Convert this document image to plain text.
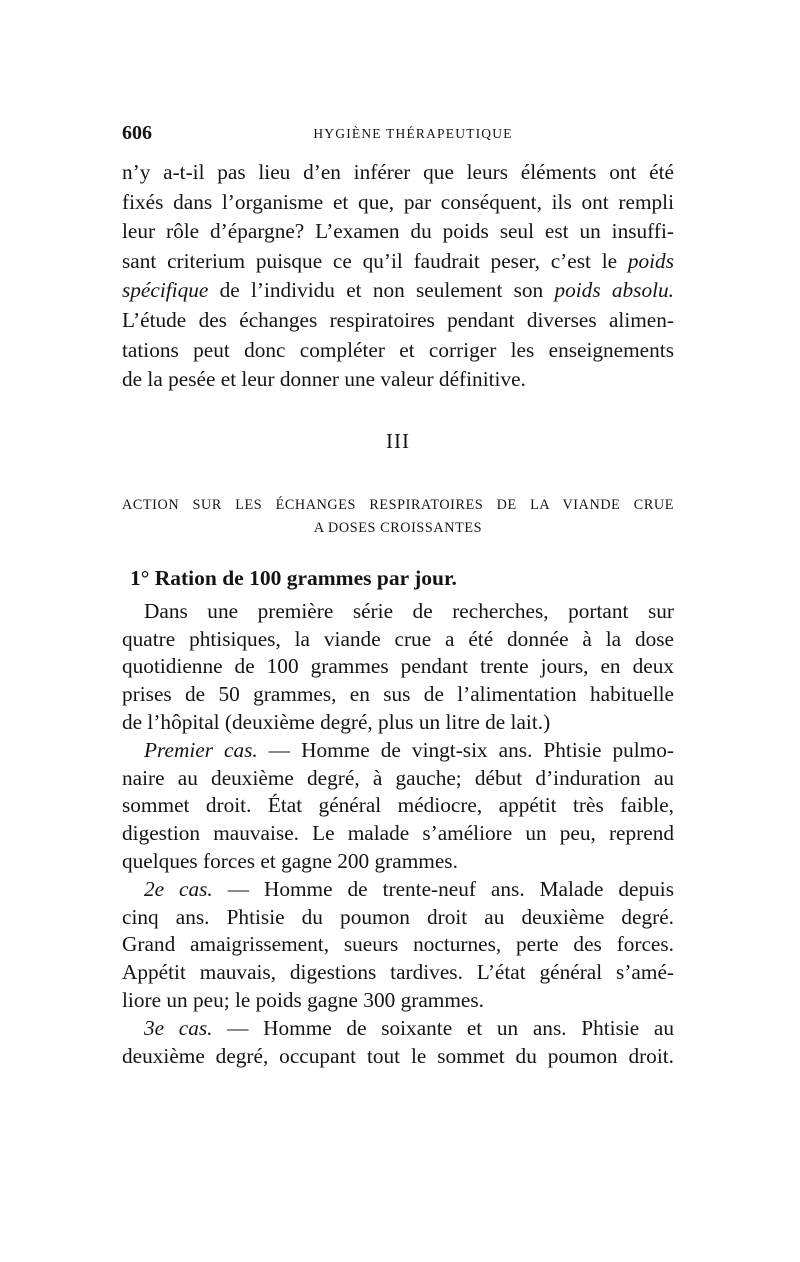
606	HYGIÈNE THÉRAPEUTIQUE

n’y a-t-il pas lieu d’en inférer que leurs éléments ont été
fixés dans l’organisme et que, par conséquent, ils ont rempli
leur rôle d’épargne? L’examen du poids seul est un insuffi-
sant criterium puisque ce qu’il faudrait peser, c’est le poids
spécifique de l’individu et non seulement son poids absolu.
L’étude des échanges respiratoires pendant diverses alimen-
tations peut donc compléter et corriger les enseignements
de la pesée et leur donner une valeur définitive.

III
ACTION SUR LES ÉCHANGES RESPIRATOIRES DE LA VIANDE CRUE
A DOSES CROISSANTES
1° Ration de 100 grammes par jour.
Dans une première série de recherches, portant sur
quatre phtisiques, la viande crue a été donnée à la dose
quotidienne de 100 grammes pendant trente jours, en deux
prises de 50 grammes, en sus de l’alimentation habituelle
de l’hôpital (deuxième degré, plus un litre de lait.)
Premier cas. — Homme de vingt-six ans. Phtisie pulmo-
naire au deuxième degré, à gauche; début d’induration au
sommet droit. État général médiocre, appétit très faible,
digestion mauvaise. Le malade s’améliore un peu, reprend
quelques forces et gagne 200 grammes.
2e cas. — Homme de trente-neuf ans. Malade depuis
cinq ans. Phtisie du poumon droit au deuxième degré.
Grand amaigrissement, sueurs nocturnes, perte des forces.
Appétit mauvais, digestions tardives. L’état général s’amé-
liore un peu; le poids gagne 300 grammes.
3e cas. — Homme de soixante et un ans. Phtisie au
deuxième degré, occupant tout le sommet du poumon droit.
